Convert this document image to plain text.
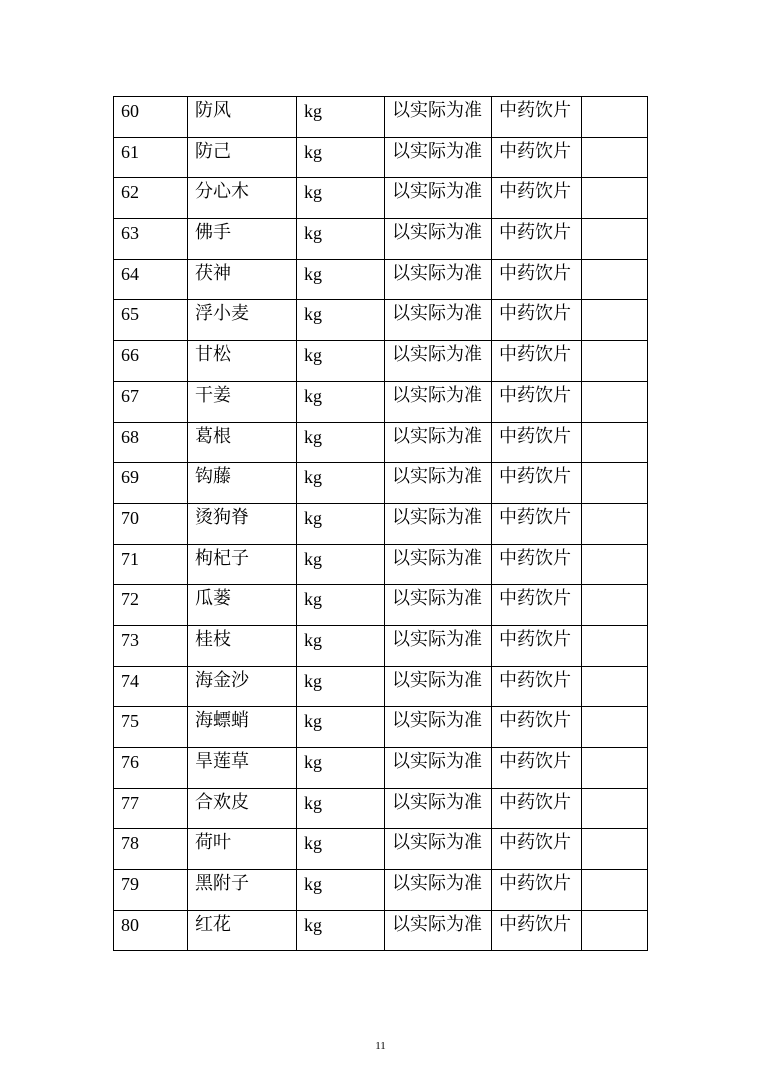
60	防风	kg	以实际为准	中药饮片	
61	防己	kg	以实际为准	中药饮片	
62	分心木	kg	以实际为准	中药饮片	
63	佛手	kg	以实际为准	中药饮片	
64	茯神	kg	以实际为准	中药饮片	
65	浮小麦	kg	以实际为准	中药饮片	
66	甘松	kg	以实际为准	中药饮片	
67	干姜	kg	以实际为准	中药饮片	
68	葛根	kg	以实际为准	中药饮片	
69	钩藤	kg	以实际为准	中药饮片	
70	烫狗脊	kg	以实际为准	中药饮片	
71	枸杞子	kg	以实际为准	中药饮片	
72	瓜蒌	kg	以实际为准	中药饮片	
73	桂枝	kg	以实际为准	中药饮片	
74	海金沙	kg	以实际为准	中药饮片	
75	海螵蛸	kg	以实际为准	中药饮片	
76	旱莲草	kg	以实际为准	中药饮片	
77	合欢皮	kg	以实际为准	中药饮片	
78	荷叶	kg	以实际为准	中药饮片	
79	黑附子	kg	以实际为准	中药饮片	
80	红花	kg	以实际为准	中药饮片	
11
